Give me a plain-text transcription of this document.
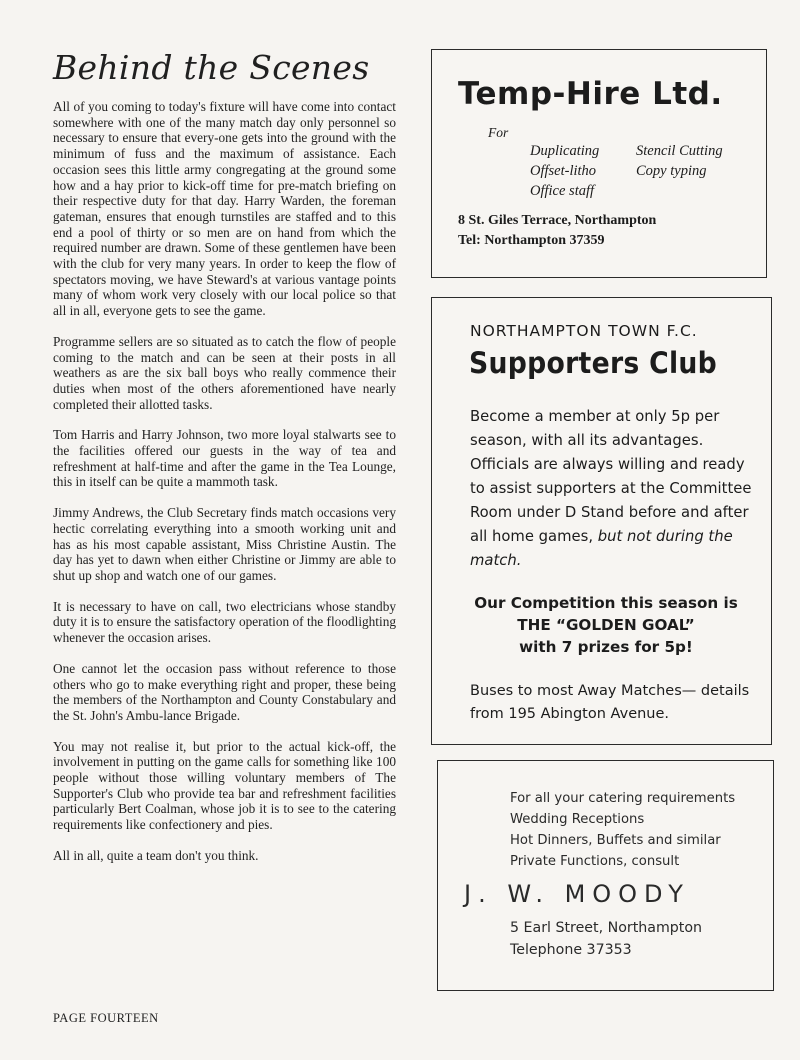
Behind the Scenes

All of you coming to today's fixture will have come into contact somewhere with one of the many match day only personnel so necessary to ensure that every-one gets into the ground with the minimum of fuss and the maximum of assistance. Each occasion sees this little army congregating at the ground some how and a hay prior to kick-off time for pre-match briefing on their respective duty for that day. Harry Warden, the foreman gateman, ensures that enough turnstiles are staffed and to this end a pool of thirty or so men are on hand from which the required number are drawn. Some of these gentlemen have been with the club for very many years. In order to keep the flow of spectators moving, we have Steward's at various vantage points many of whom work very closely with our local police so that all in all, everyone gets to see the game.

Programme sellers are so situated as to catch the flow of people coming to the match and can be seen at their posts in all weathers as are the six ball boys who really commence their duties when most of the others aforementioned have nearly completed their allotted tasks.

Tom Harris and Harry Johnson, two more loyal stalwarts see to the facilities offered our guests in the way of tea and refreshment at half-time and after the game in the Tea Lounge, this in itself can be quite a mammoth task.

Jimmy Andrews, the Club Secretary finds match occasions very hectic correlating everything into a smooth working unit and has as his most capable assistant, Miss Christine Austin. The day has yet to dawn when either Christine or Jimmy are able to shut up shop and watch one of our games.

It is necessary to have on call, two electricians whose standby duty it is to ensure the satisfactory operation of the floodlighting whenever the occasion arises.

One cannot let the occasion pass without reference to those others who go to make everything right and proper, these being the members of the Northampton and County Constabulary and the St. John's Ambu-lance Brigade.

You may not realise it, but prior to the actual kick-off, the involvement in putting on the game calls for something like 100 people without those willing voluntary members of The Supporter's Club who provide tea bar and refreshment facilities particularly Bert Coalman, whose job it is to see to the catering requirements like confectionery and pies.

All in all, quite a team don't you think.

PAGE FOURTEEN
Temp-Hire Ltd.
For
Duplicating
Offset-litho
Office staff
Stencil Cutting
Copy typing
8 St. Giles Terrace, Northampton
Tel: Northampton 37359
NORTHAMPTON TOWN F.C.
Supporters Club
Become a member at only 5p per season, with all its advantages. Officials are always willing and ready to assist supporters at the Committee Room under D Stand before and after all home games, but not during the match.
Our Competition this season is
THE “GOLDEN GOAL”
with 7 prizes for 5p!
Buses to most Away Matches— details from 195 Abington Avenue.
For all your catering requirements
Wedding Receptions
Hot Dinners, Buffets and similar
Private Functions, consult
J. W. MOODY
5 Earl Street, Northampton
Telephone 37353
